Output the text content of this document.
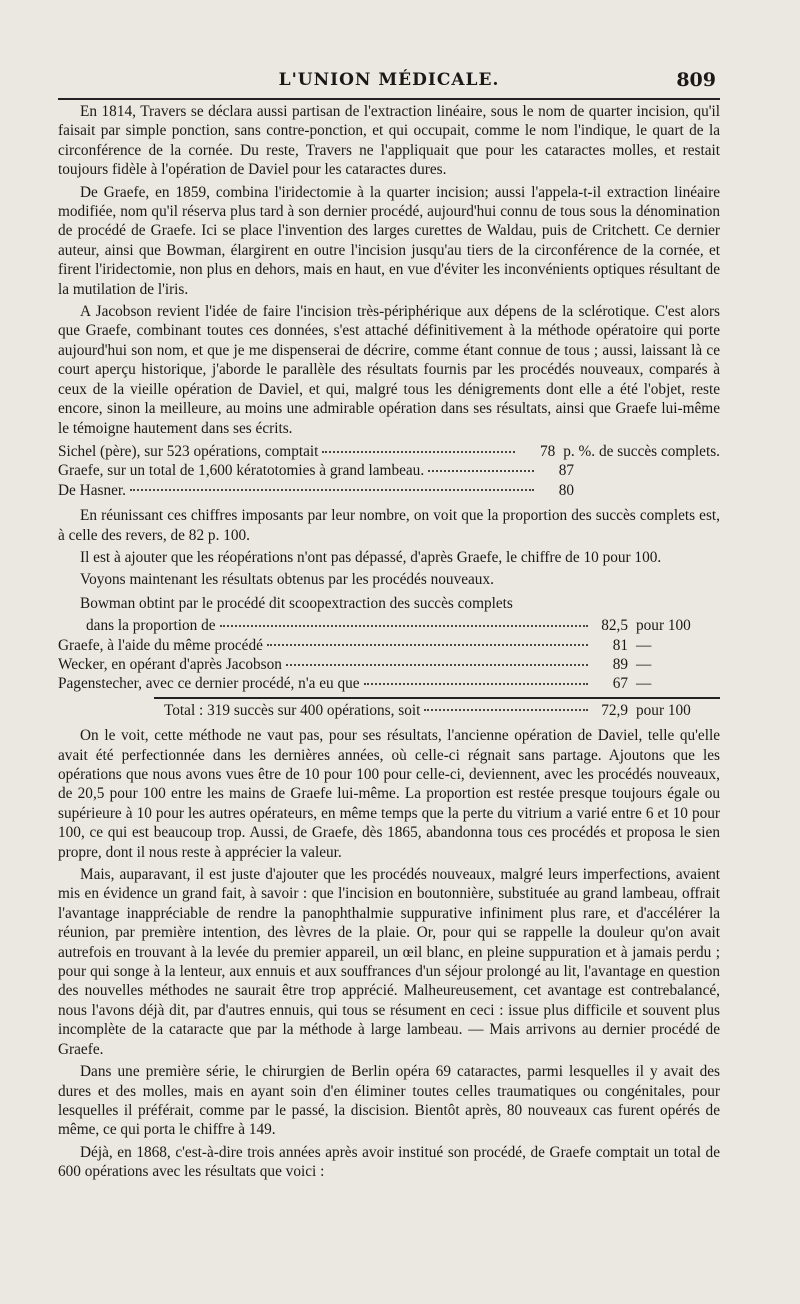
L'UNION MÉDICALE.	809

En 1814, Travers se déclara aussi partisan de l'extraction linéaire, sous le nom de quarter incision, qu'il faisait par simple ponction, sans contre-ponction, et qui occupait, comme le nom l'indique, le quart de la circonférence de la cornée. Du reste, Travers ne l'appliquait que pour les cataractes molles, et restait toujours fidèle à l'opération de Daviel pour les cataractes dures.

De Graefe, en 1859, combina l'iridectomie à la quarter incision; aussi l'appela-t-il extraction linéaire modifiée, nom qu'il réserva plus tard à son dernier procédé, aujourd'hui connu de tous sous la dénomination de procédé de Graefe. Ici se place l'invention des larges curettes de Waldau, puis de Critchett. Ce dernier auteur, ainsi que Bowman, élargirent en outre l'incision jusqu'au tiers de la circonférence de la cornée, et firent l'iridectomie, non plus en dehors, mais en haut, en vue d'éviter les inconvénients optiques résultant de la mutilation de l'iris.

A Jacobson revient l'idée de faire l'incision très-périphérique aux dépens de la sclérotique. C'est alors que Graefe, combinant toutes ces données, s'est attaché définitivement à la méthode opératoire qui porte aujourd'hui son nom, et que je me dispenserai de décrire, comme étant connue de tous ; aussi, laissant là ce court aperçu historique, j'aborde le parallèle des résultats fournis par les procédés nouveaux, comparés à ceux de la vieille opération de Daviel, et qui, malgré tous les dénigrements dont elle a été l'objet, reste encore, sinon la meilleure, au moins une admirable opération dans ses résultats, ainsi que Graefe lui-même le témoigne hautement dans ses écrits.

Sichel (père), sur 523 opérations, comptait	78 p. %. de succès complets.
Graefe, sur un total de 1,600 kératotomies à grand lambeau.	87
De Hasner.	80

En réunissant ces chiffres imposants par leur nombre, on voit que la proportion des succès complets est, à celle des revers, de 82 p. 100.

Il est à ajouter que les réopérations n'ont pas dépassé, d'après Graefe, le chiffre de 10 pour 100.

Voyons maintenant les résultats obtenus par les procédés nouveaux.

Bowman obtint par le procédé dit scoopextraction des succès complets

dans la proportion de	82,5 pour 100
Graefe, à l'aide du même procédé	81 —
Wecker, en opérant d'après Jacobson	89 —
Pagenstecher, avec ce dernier procédé, n'a eu que	67 —
Total : 319 succès sur 400 opérations, soit	72,9 pour 100

On le voit, cette méthode ne vaut pas, pour ses résultats, l'ancienne opération de Daviel, telle qu'elle avait été perfectionnée dans les dernières années, où celle-ci régnait sans partage. Ajoutons que les opérations que nous avons vues être de 10 pour 100 pour celle-ci, deviennent, avec les procédés nouveaux, de 20,5 pour 100 entre les mains de Graefe lui-même. La proportion est restée presque toujours égale ou supérieure à 10 pour les autres opérateurs, en même temps que la perte du vitrium a varié entre 6 et 10 pour 100, ce qui est beaucoup trop. Aussi, de Graefe, dès 1865, abandonna tous ces procédés et proposa le sien propre, dont il nous reste à apprécier la valeur.

Mais, auparavant, il est juste d'ajouter que les procédés nouveaux, malgré leurs imperfections, avaient mis en évidence un grand fait, à savoir : que l'incision en boutonnière, substituée au grand lambeau, offrait l'avantage inappréciable de rendre la panophthalmie suppurative infiniment plus rare, et d'accélérer la réunion, par première intention, des lèvres de la plaie. Or, pour qui se rappelle la douleur qu'on avait autrefois en trouvant à la levée du premier appareil, un œil blanc, en pleine suppuration et à jamais perdu ; pour qui songe à la lenteur, aux ennuis et aux souffrances d'un séjour prolongé au lit, l'avantage en question des nouvelles méthodes ne saurait être trop apprécié. Malheureusement, cet avantage est contrebalancé, nous l'avons déjà dit, par d'autres ennuis, qui tous se résument en ceci : issue plus difficile et souvent plus incomplète de la cataracte que par la méthode à large lambeau. — Mais arrivons au dernier procédé de Graefe.

Dans une première série, le chirurgien de Berlin opéra 69 cataractes, parmi lesquelles il y avait des dures et des molles, mais en ayant soin d'en éliminer toutes celles traumatiques ou congénitales, pour lesquelles il préférait, comme par le passé, la discision. Bientôt après, 80 nouveaux cas furent opérés de même, ce qui porta le chiffre à 149.

Déjà, en 1868, c'est-à-dire trois années après avoir institué son procédé, de Graefe comptait un total de 600 opérations avec les résultats que voici :
